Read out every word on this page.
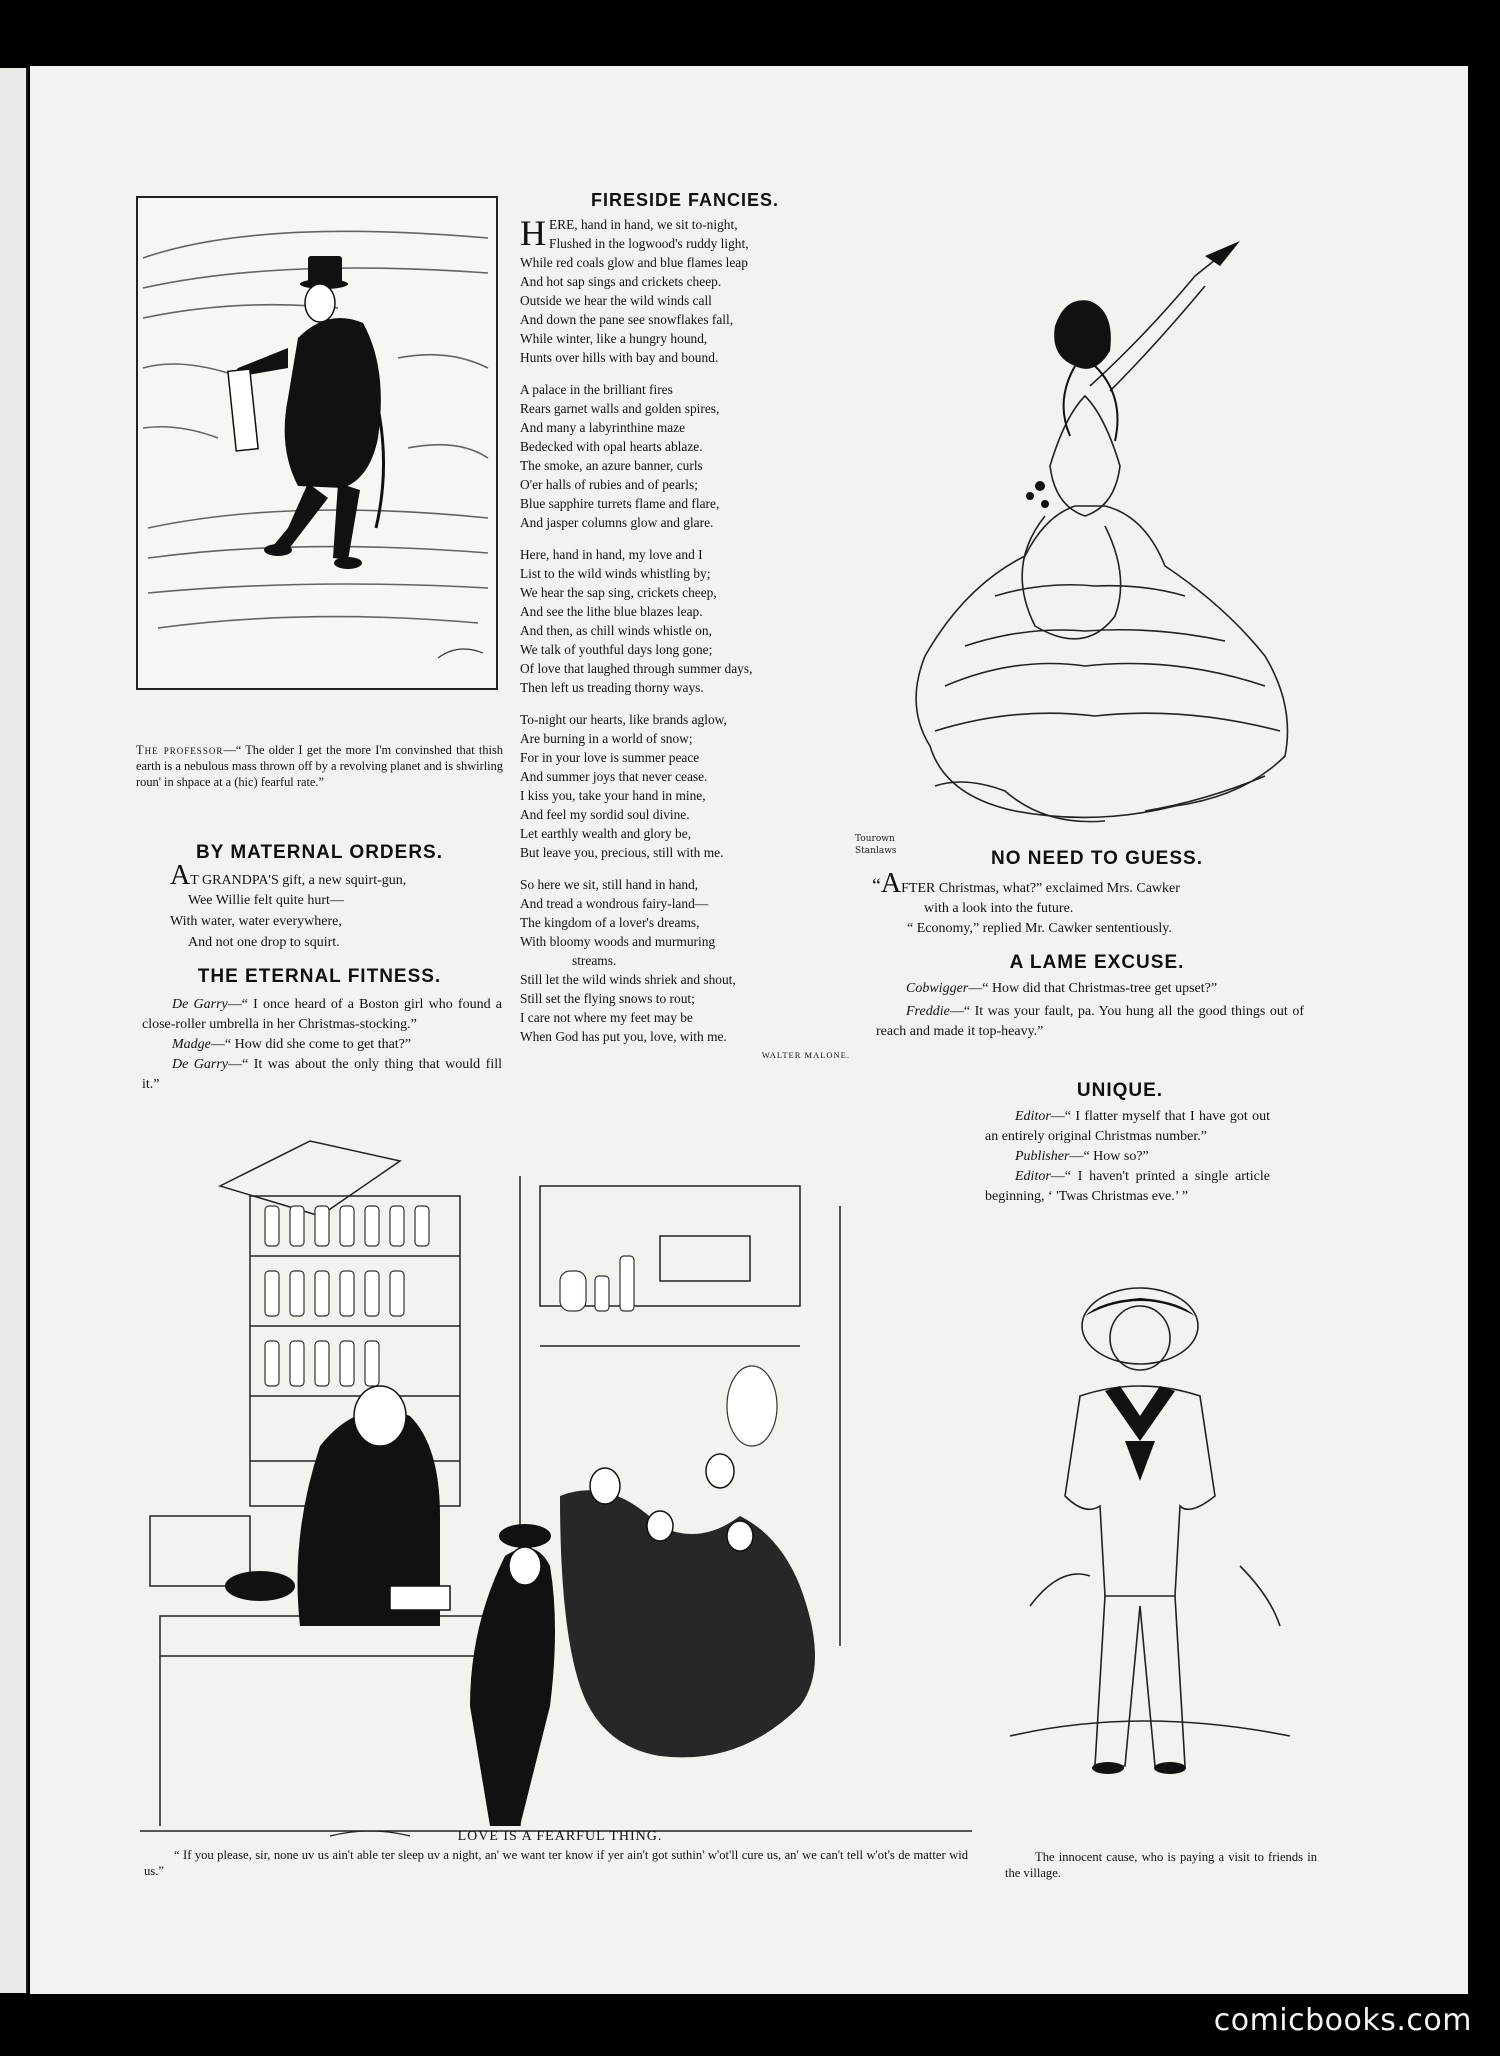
The professor—“ The older I get the more I'm convinshed that thish earth is a nebulous mass thrown off by a revolving planet and is shwirling roun' in shpace at a (hic) fearful rate.”
BY MATERNAL ORDERS.
AT GRANDPA'S gift, a new squirt-gun,
Wee Willie felt quite hurt—
With water, water everywhere,
And not one drop to squirt.
THE ETERNAL FITNESS.
De Garry—“ I once heard of a Boston girl who found a close-roller umbrella in her Christmas-stocking.”
Madge—“ How did she come to get that?”
De Garry—“ It was about the only thing that would fill it.”
FIRESIDE FANCIES.
HERE, hand in hand, we sit to-night,
Flushed in the logwood's ruddy light,
While red coals glow and blue flames leap
And hot sap sings and crickets cheep.
Outside we hear the wild winds call
And down the pane see snowflakes fall,
While winter, like a hungry hound,
Hunts over hills with bay and bound.
A palace in the brilliant fires
Rears garnet walls and golden spires,
And many a labyrinthine maze
Bedecked with opal hearts ablaze.
The smoke, an azure banner, curls
O'er halls of rubies and of pearls;
Blue sapphire turrets flame and flare,
And jasper columns glow and glare.
Here, hand in hand, my love and I
List to the wild winds whistling by;
We hear the sap sing, crickets cheep,
And see the lithe blue blazes leap.
And then, as chill winds whistle on,
We talk of youthful days long gone;
Of love that laughed through summer days,
Then left us treading thorny ways.
To-night our hearts, like brands aglow,
Are burning in a world of snow;
For in your love is summer peace
And summer joys that never cease.
I kiss you, take your hand in mine,
And feel my sordid soul divine.
Let earthly wealth and glory be,
But leave you, precious, still with me.
So here we sit, still hand in hand,
And tread a wondrous fairy-land—
The kingdom of a lover's dreams,
With bloomy woods and murmuring
streams.
Still let the wild winds shriek and shout,
Still set the flying snows to rout;
I care not where my feet may be
When God has put you, love, with me.
WALTER MALONE.
Tourown
Stanlaws	NO NEED TO GUESS.
“AFTER Christmas, what?” exclaimed Mrs. Cawker
with a look into the future.
“ Economy,” replied Mr. Cawker sententiously.
A LAME EXCUSE.
Cobwigger—“ How did that Christmas-tree get upset?”
Freddie—“ It was your fault, pa. You hung all the good things out of reach and made it top-heavy.”
UNIQUE.
Editor—“ I flatter myself that I have got out an entirely original Christmas number.”
Publisher—“ How so?”
Editor—“ I haven't printed a single article beginning, ‘ 'Twas Christmas eve.’ ”
LOVE IS A FEARFUL THING.
“ If you please, sir, none uv us ain't able ter sleep uv a night, an' we want ter know if yer ain't got suthin' w'ot'll cure us, an' we can't tell w'ot's de matter wid us.”
The innocent cause, who is paying a visit to friends in the village.
comicbooks.com
